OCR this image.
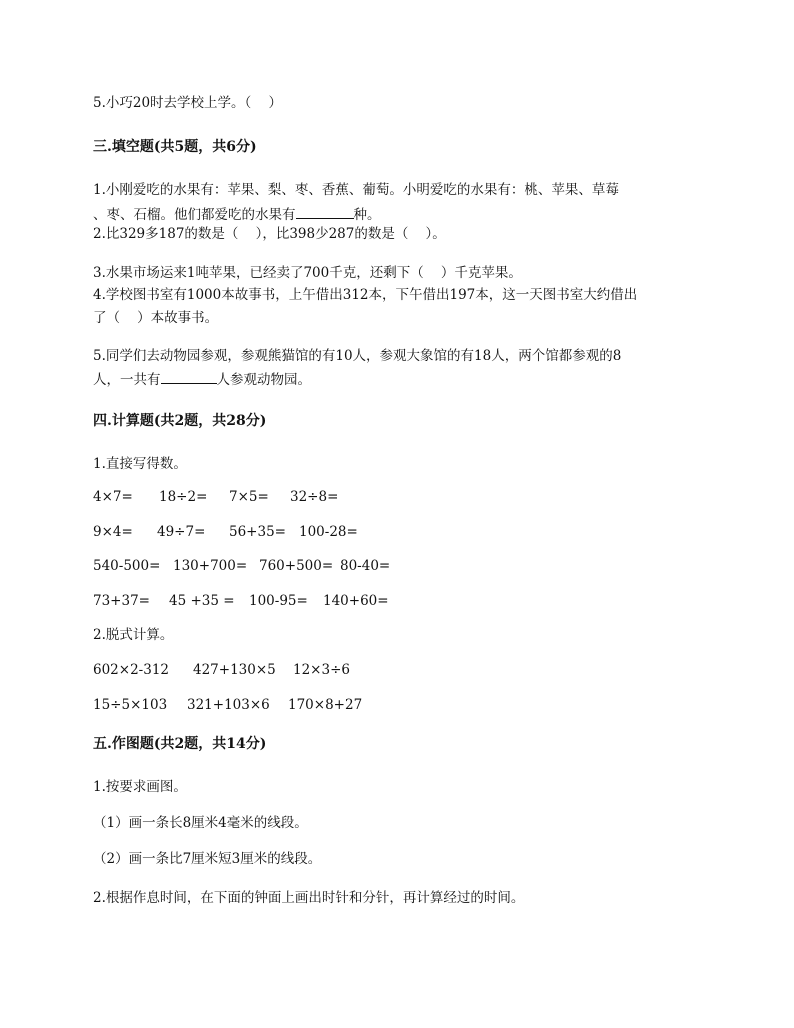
5.小巧20时去学校上学。（    ）
三.填空题(共5题，共6分)
1.小刚爱吃的水果有：苹果、梨、枣、香蕉、葡萄。小明爱吃的水果有：桃、苹果、草莓
、枣、石榴。他们都爱吃的水果有	种。
2.比329多187的数是（    ），比398少287的数是（    ）。
3.水果市场运来1吨苹果，已经卖了700千克，还剩下（    ）千克苹果。
4.学校图书室有1000本故事书，上午借出312本，下午借出197本，这一天图书室大约借出
了（    ）本故事书。
5.同学们去动物园参观，参观熊猫馆的有10人，参观大象馆的有18人，两个馆都参观的8
人，一共有	人参观动物园。
四.计算题(共2题，共28分)
1.直接写得数。
4×7= 18÷2= 7×5= 32÷8=
9×4= 49÷7= 56+35= 100-28=
540-500= 130+700= 760+500= 80-40=
73+37= 45 +35 = 100-95= 140+60=
2.脱式计算。
602×2-312 427+130×5 12×3÷6
15÷5×103 321+103×6 170×8+27
五.作图题(共2题，共14分)
1.按要求画图。
（1）画一条长8厘米4毫米的线段。
（2）画一条比7厘米短3厘米的线段。
2.根据作息时间，在下面的钟面上画出时针和分针，再计算经过的时间。
